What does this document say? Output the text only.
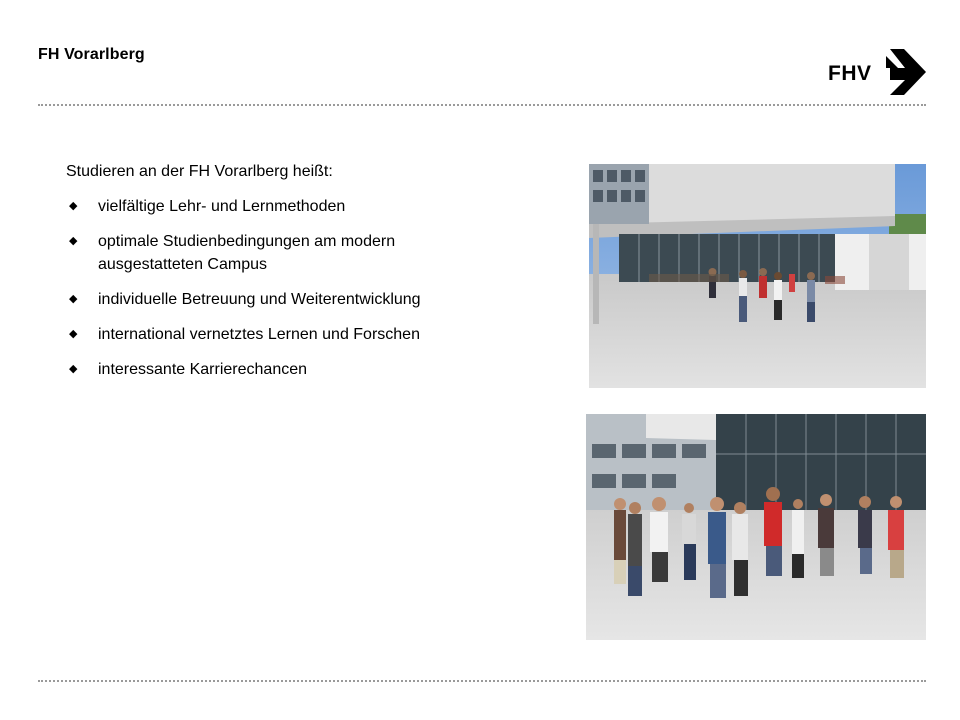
FH Vorarlberg
FHV

Studieren an der FH Vorarlberg heißt:

◆ vielfältige Lehr- und Lernmethoden
◆ optimale Studienbedingungen am modern ausgestatteten Campus
◆ individuelle Betreuung und Weiterentwicklung
◆ international vernetztes Lernen und Forschen
◆ interessante Karrierechancen
